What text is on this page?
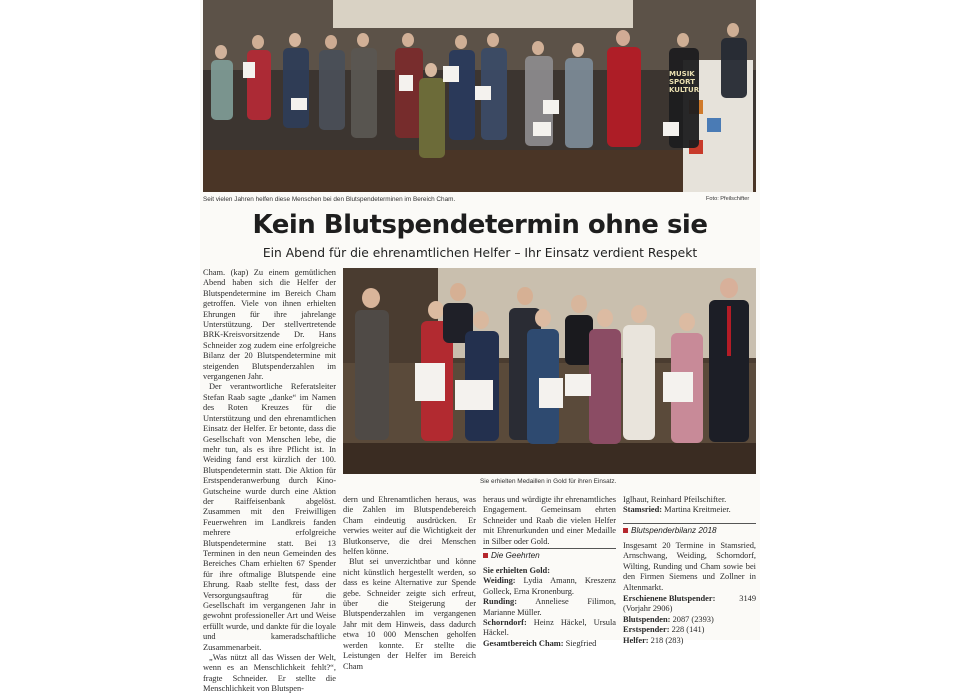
MUSIK
SPORT
KULTUR
Seit vielen Jahren helfen diese Menschen bei den Blutspendeterminen im Bereich Cham.	Foto: Pfeilschifter
Kein Blutspendetermin ohne sie
Ein Abend für die ehrenamtlichen Helfer – Ihr Einsatz verdient Respekt

Cham. (kap) Zu einem gemütlichen Abend haben sich die Helfer der Blutspendetermine im Bereich Cham getroffen. Viele von ihnen erhielten Ehrungen für ihre jahrelange Unterstützung. Der stellvertretende BRK-Kreisvorsitzende Dr. Hans Schneider zog zudem eine erfolgreiche Bilanz der 20 Blutspendetermine mit steigenden Blutspenderzahlen im vergangenen Jahr.

Der verantwortliche Referatsleiter Stefan Raab sagte „danke“ im Namen des Roten Kreuzes für die Unterstützung und den ehrenamtlichen Einsatz der Helfer. Er betonte, dass die Gesellschaft von Menschen lebe, die mehr tun, als es ihre Pflicht ist. In Weiding fand erst kürzlich der 100. Blutspendetermin statt. Die Aktion für Erstspenderanwerbung durch Kino-Gutscheine wurde durch eine Aktion der Raiffeisenbank abgelöst. Zusammen mit den Freiwilligen Feuerwehren im Landkreis fanden mehrere erfolgreiche Blutspendetermine statt. Bei 13 Terminen in den neun Gemeinden des Bereiches Cham erhielten 67 Spender für ihre oftmalige Blutspende eine Ehrung. Raab stellte fest, dass der Versorgungsauftrag für die Gesellschaft im vergangenen Jahr in gewohnt professioneller Art und Weise erfüllt wurde, und dankte für die loyale und kameradschaftliche Zusammenarbeit.

„Was nützt all das Wissen der Welt, wenn es an Menschlichkeit fehlt?“, fragte Schneider. Er stellte die Menschlichkeit von Blutspen-

Sie erhielten Medaillen in Gold für ihren Einsatz.

dern und Ehrenamtlichen heraus, was die Zahlen im Blutspendebereich Cham eindeutig ausdrücken. Er verwies weiter auf die Wichtigkeit der Blutkonserve, die drei Menschen helfen könne.

Blut sei unverzichtbar und könne nicht künstlich hergestellt werden, so dass es keine Alternative zur Spende gebe. Schneider zeigte sich erfreut, über die Steigerung der Blutspenderzahlen im vergangenen Jahr mit dem Hinweis, dass dadurch etwa 10 000 Menschen geholfen werden konnte. Er stellte die Leistungen der Helfer im Bereich Cham

heraus und würdigte ihr ehrenamtliches Engagement. Gemeinsam ehrten Schneider und Raab die vielen Helfer mit Ehrenurkunden und einer Medaille in Silber oder Gold.

Die Geehrten

Sie erhielten Gold:

Weiding: Lydia Amann, Kreszenz Golleck, Erna Kronenburg.

Runding: Anneliese Filimon, Marianne Müller.

Schorndorf: Heinz Häckel, Ursula Häckel.

Gesamtbereich Cham: Siegfried

Iglhaut, Reinhard Pfeilschifter.

Stamsried: Martina Kreitmeier.

Blutspenderbilanz 2018

Insgesamt 20 Termine in Stamsried, Arnschwang, Weiding, Schorndorf, Wilting, Runding und Cham sowie bei den Firmen Siemens und Zollner in Altenmarkt.

Erschienene Blutspender:	3149
(Vorjahr 2906)
Blutspenden: 2087 (2393)
Erstspender: 228 (141)
Helfer: 218 (283)
